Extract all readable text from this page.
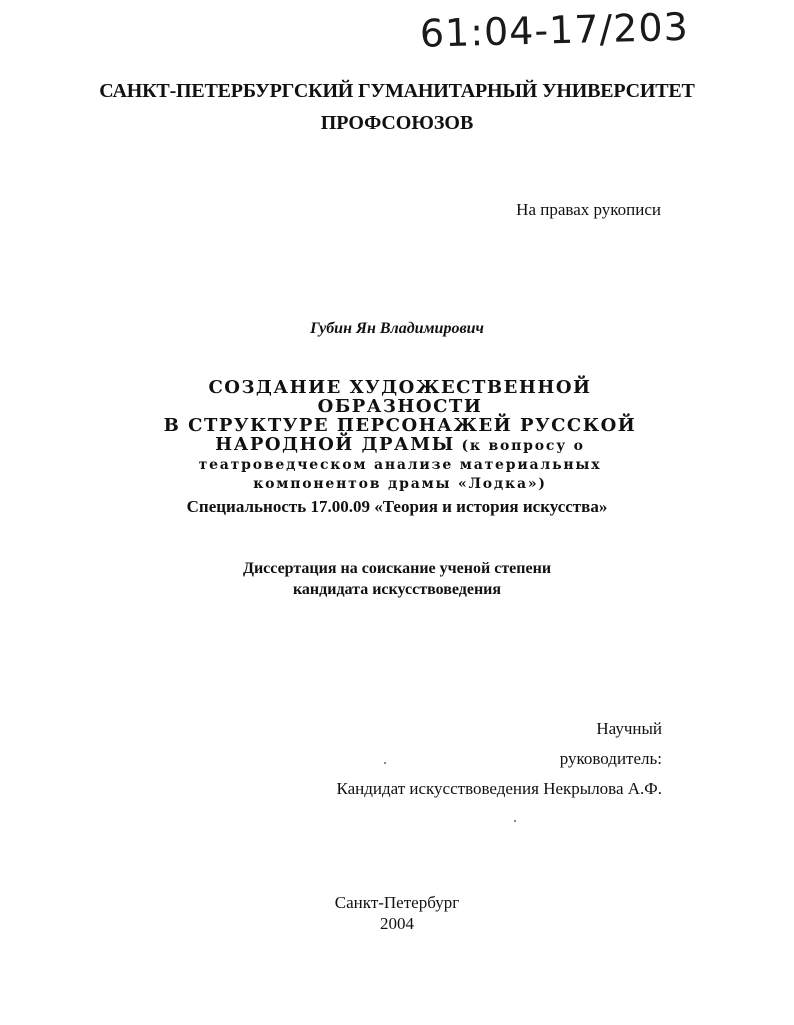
61:04-17/203
САНКТ-ПЕТЕРБУРГСКИЙ ГУМАНИТАРНЫЙ УНИВЕРСИТЕТ
ПРОФСОЮЗОВ
На правах рукописи
Губин Ян Владимирович
СОЗДАНИЕ ХУДОЖЕСТВЕННОЙ ОБРАЗНОСТИ
В СТРУКТУРЕ ПЕРСОНАЖЕЙ РУССКОЙ
НАРОДНОЙ ДРАМЫ (к вопросу о
театроведческом анализе материальных
компонентов драмы «Лодка»)
Специальность 17.00.09 «Теория и история искусства»
Диссертация на соискание ученой степени
кандидата искусствоведения
Научный
руководитель:
Кандидат искусствоведения Некрылова А.Ф.
Санкт-Петербург
2004
